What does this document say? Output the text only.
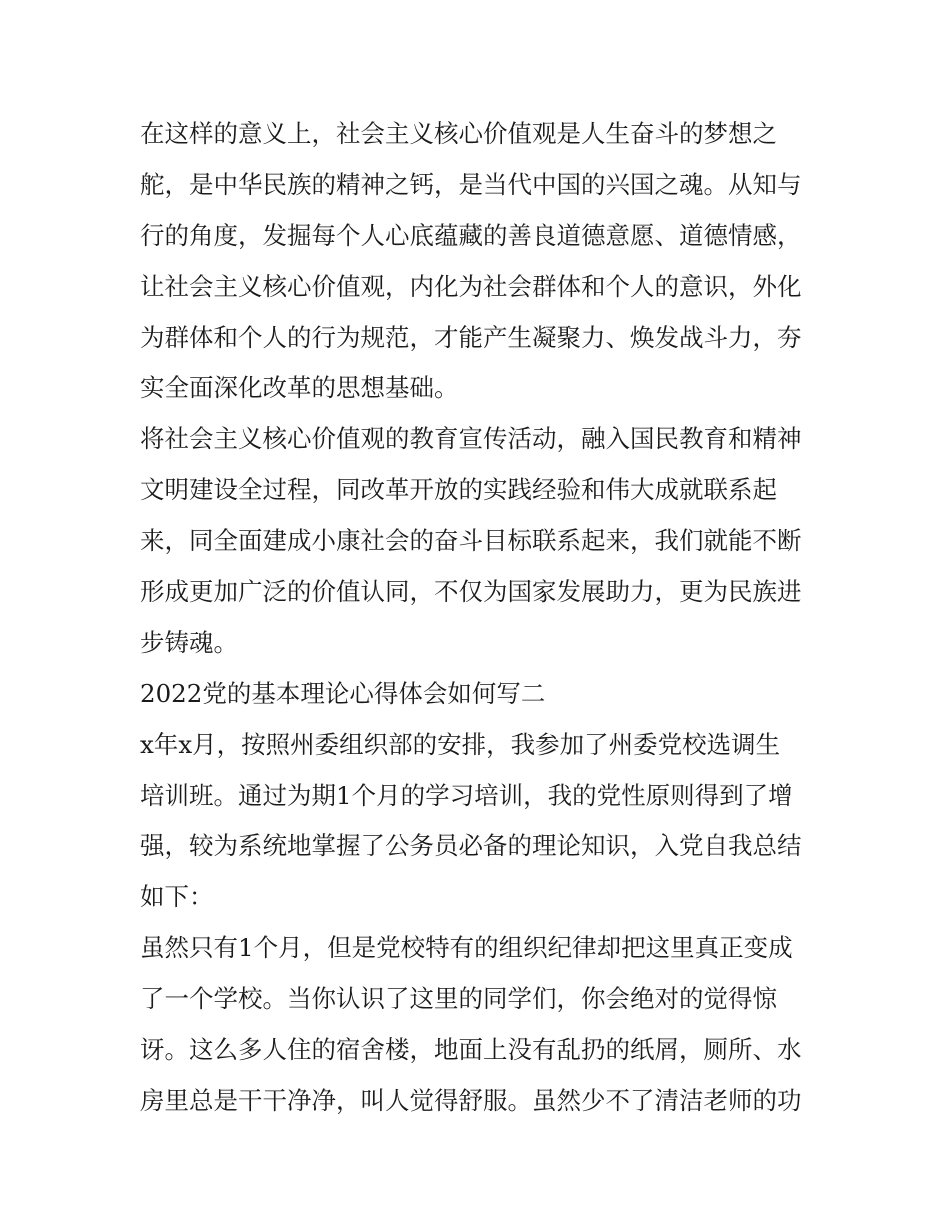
在这样的意义上，社会主义核心价值观是人生奋斗的梦想之
舵，是中华民族的精神之钙，是当代中国的兴国之魂。从知与
行的角度，发掘每个人心底蕴藏的善良道德意愿、道德情感，
让社会主义核心价值观，内化为社会群体和个人的意识，外化
为群体和个人的行为规范，才能产生凝聚力、焕发战斗力，夯
实全面深化改革的思想基础。
将社会主义核心价值观的教育宣传活动，融入国民教育和精神
文明建设全过程，同改革开放的实践经验和伟大成就联系起
来，同全面建成小康社会的奋斗目标联系起来，我们就能不断
形成更加广泛的价值认同，不仅为国家发展助力，更为民族进
步铸魂。
2022党的基本理论心得体会如何写二
x年x月，按照州委组织部的安排，我参加了州委党校选调生
培训班。通过为期1个月的学习培训，我的党性原则得到了增
强，较为系统地掌握了公务员必备的理论知识，入党自我总结
如下：
虽然只有1个月，但是党校特有的组织纪律却把这里真正变成
了一个学校。当你认识了这里的同学们，你会绝对的觉得惊
讶。这么多人住的宿舍楼，地面上没有乱扔的纸屑，厕所、水
房里总是干干净净，叫人觉得舒服。虽然少不了清洁老师的功
